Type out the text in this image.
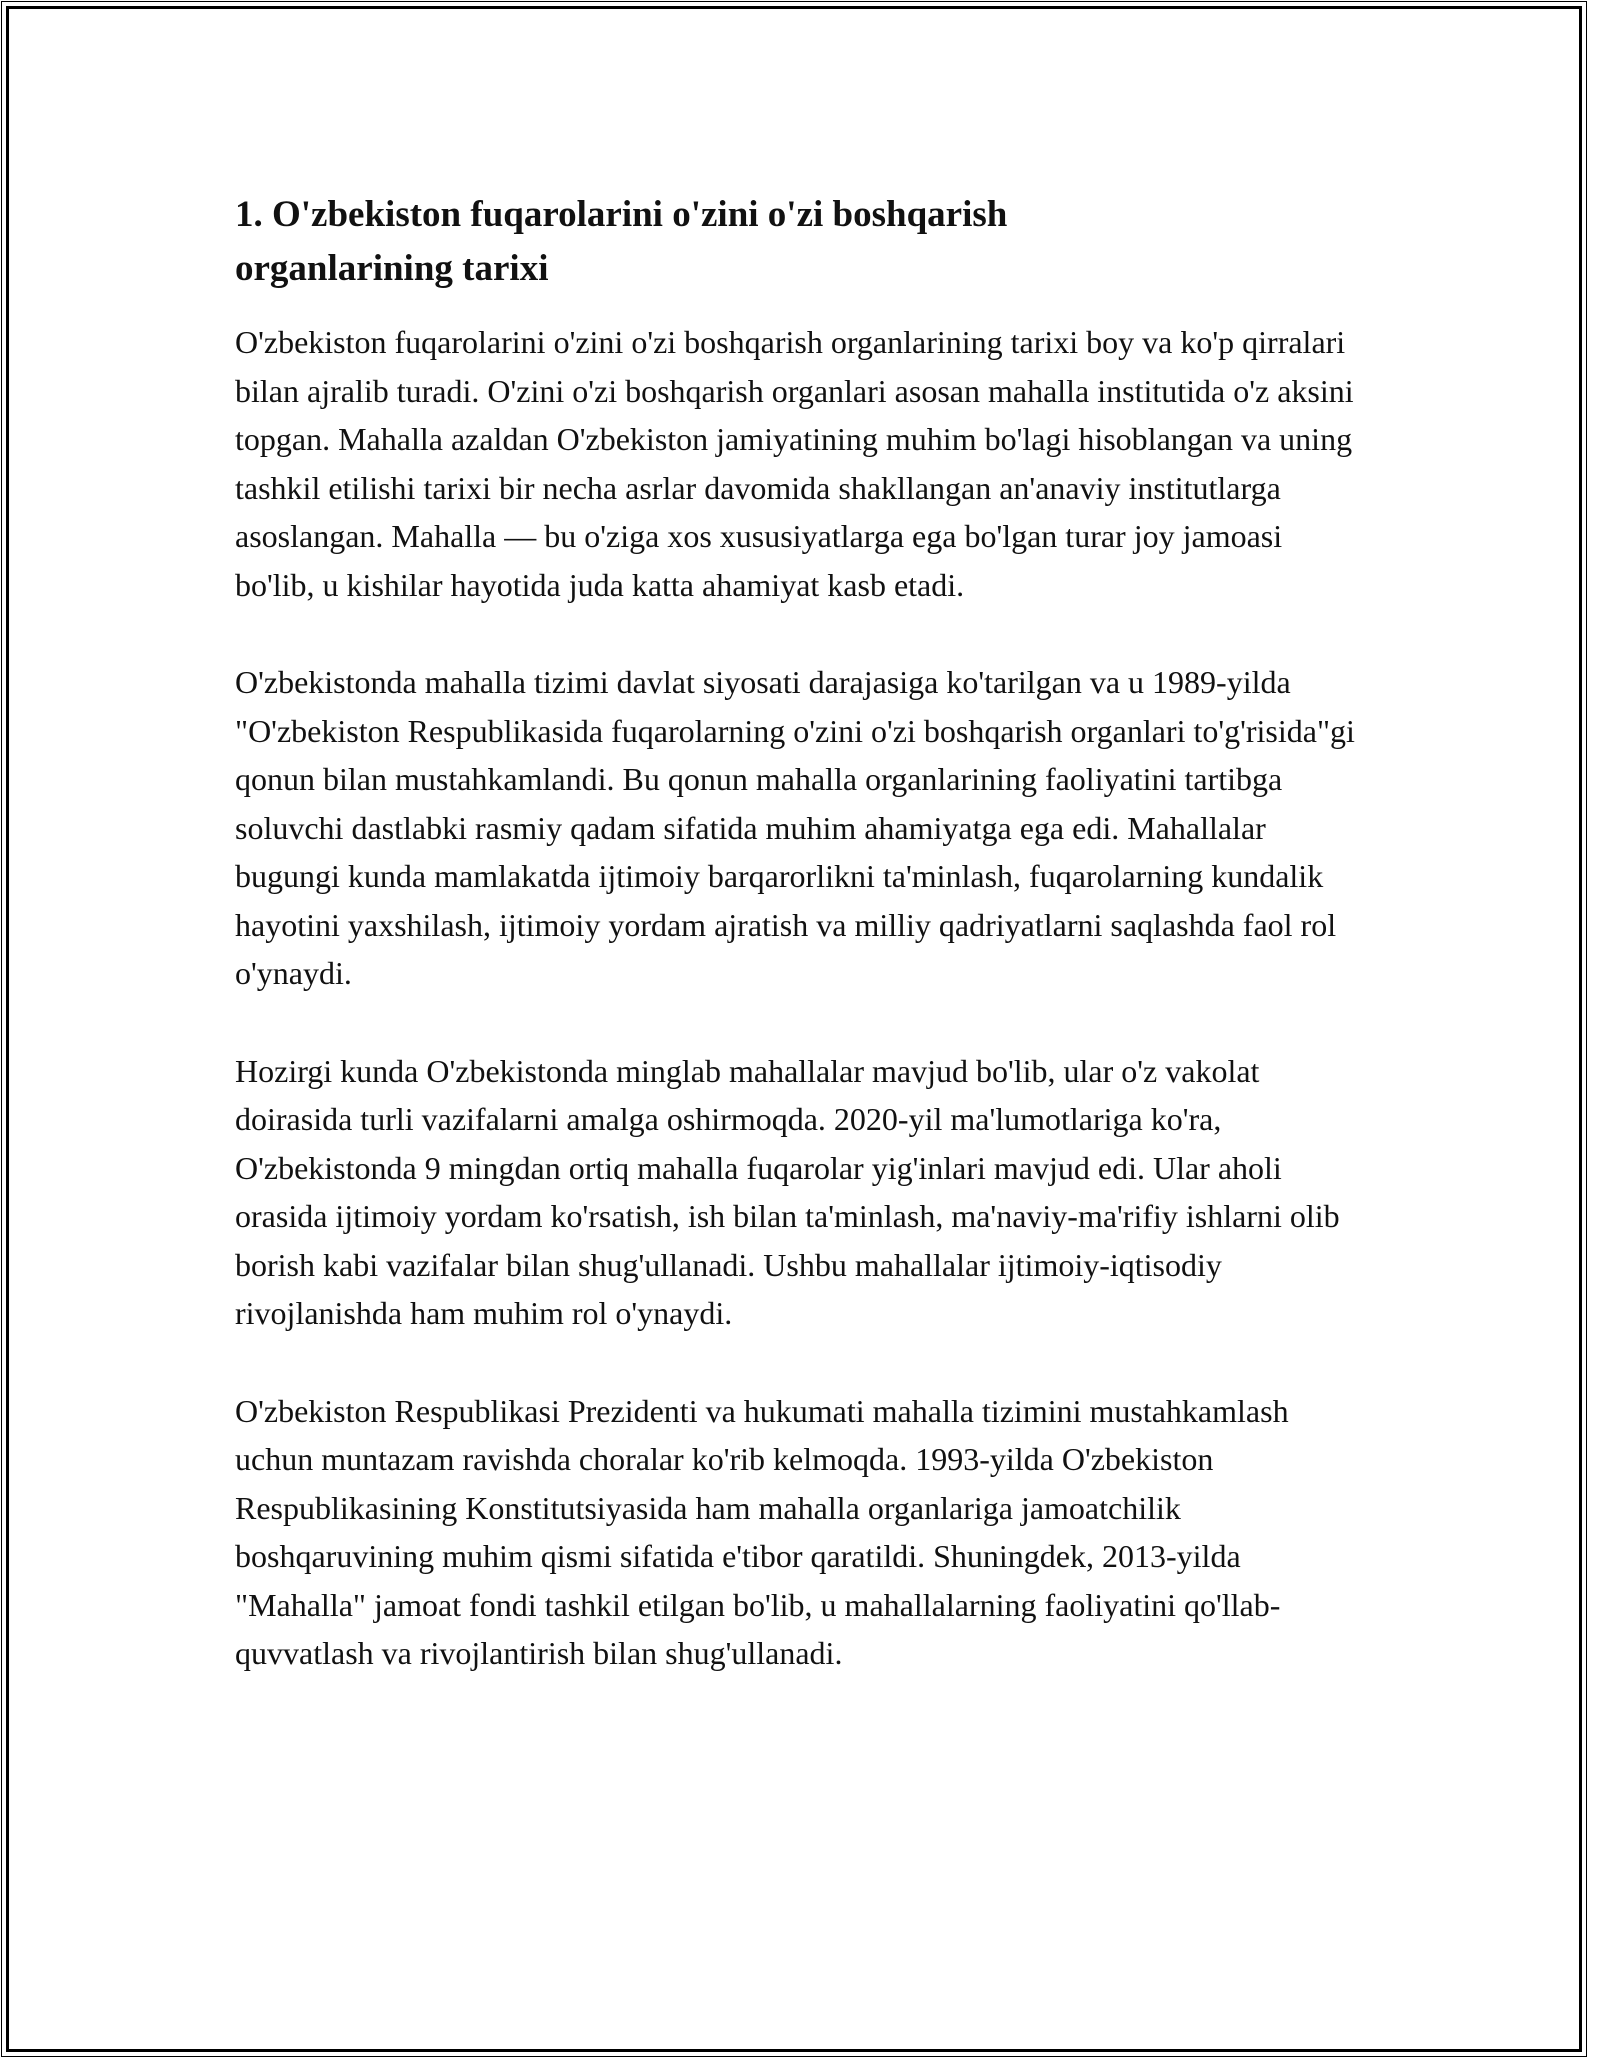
1. O'zbekiston fuqarolarini o'zini o'zi boshqarish organlarining tarixi

O'zbekiston fuqarolarini o'zini o'zi boshqarish organlarining tarixi boy va ko'p qirralari bilan ajralib turadi. O'zini o'zi boshqarish organlari asosan mahalla institutida o'z aksini topgan. Mahalla azaldan O'zbekiston jamiyatining muhim bo'lagi hisoblangan va uning tashkil etilishi tarixi bir necha asrlar davomida shakllangan an'anaviy institutlarga asoslangan. Mahalla — bu o'ziga xos xususiyatlarga ega bo'lgan turar joy jamoasi bo'lib, u kishilar hayotida juda katta ahamiyat kasb etadi.

O'zbekistonda mahalla tizimi davlat siyosati darajasiga ko'tarilgan va u 1989-yilda "O'zbekiston Respublikasida fuqarolarning o'zini o'zi boshqarish organlari to'g'risida"gi qonun bilan mustahkamlandi. Bu qonun mahalla organlarining faoliyatini tartibga soluvchi dastlabki rasmiy qadam sifatida muhim ahamiyatga ega edi. Mahallalar bugungi kunda mamlakatda ijtimoiy barqarorlikni ta'minlash, fuqarolarning kundalik hayotini yaxshilash, ijtimoiy yordam ajratish va milliy qadriyatlarni saqlashda faol rol o'ynaydi.

Hozirgi kunda O'zbekistonda minglab mahallalar mavjud bo'lib, ular o'z vakolat doirasida turli vazifalarni amalga oshirmoqda. 2020-yil ma'lumotlariga ko'ra, O'zbekistonda 9 mingdan ortiq mahalla fuqarolar yig'inlari mavjud edi. Ular aholi orasida ijtimoiy yordam ko'rsatish, ish bilan ta'minlash, ma'naviy-ma'rifiy ishlarni olib borish kabi vazifalar bilan shug'ullanadi. Ushbu mahallalar ijtimoiy-iqtisodiy rivojlanishda ham muhim rol o'ynaydi.

O'zbekiston Respublikasi Prezidenti va hukumati mahalla tizimini mustahkamlash uchun muntazam ravishda choralar ko'rib kelmoqda. 1993-yilda O'zbekiston Respublikasining Konstitutsiyasida ham mahalla organlariga jamoatchilik boshqaruvining muhim qismi sifatida e'tibor qaratildi. Shuningdek, 2013-yilda "Mahalla" jamoat fondi tashkil etilgan bo'lib, u mahallalarning faoliyatini qo'llab-quvvatlash va rivojlantirish bilan shug'ullanadi.
